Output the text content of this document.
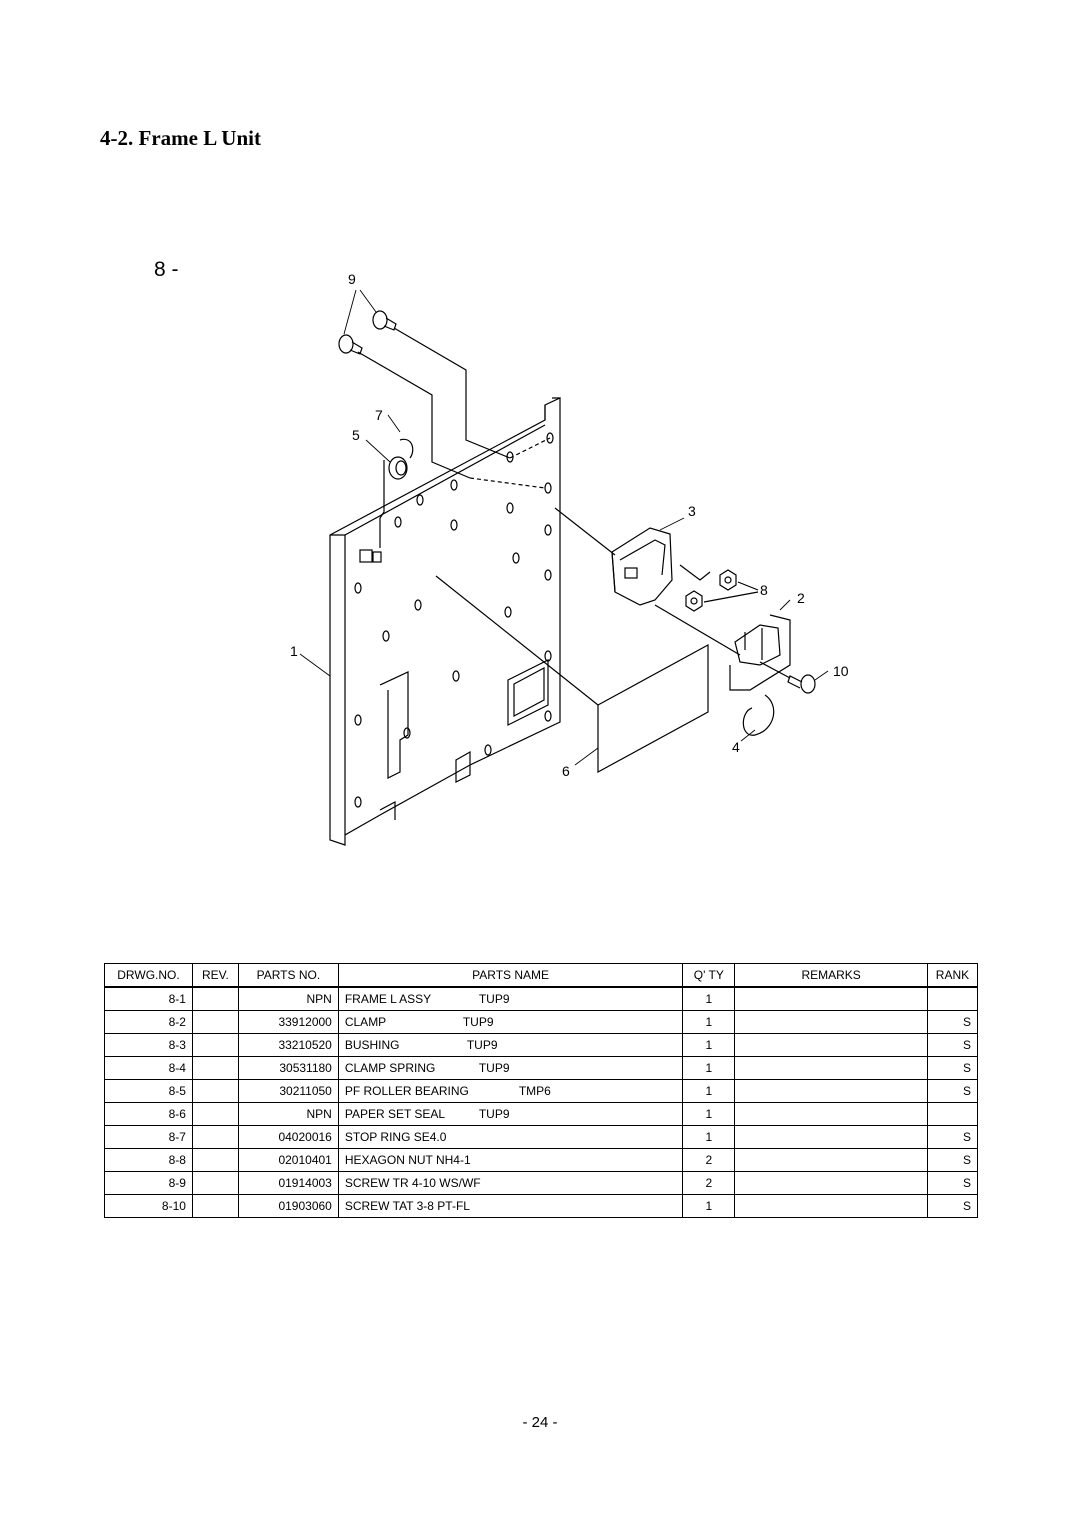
4-2. Frame L Unit
8 -	9
7
5
3
8 2
1
10
4
6
DRWG.NO.	REV.	PARTS NO.	PARTS NAME	Q' TY	REMARKS	RANK
8-1		NPN	FRAME L ASSY TUP9	1		
8-2		33912000	CLAMP TUP9	1		S
8-3		33210520	BUSHING TUP9	1		S
8-4		30531180	CLAMP SPRING TUP9	1		S
8-5		30211050	PF ROLLER BEARING TMP6	1		S
8-6		NPN	PAPER SET SEAL TUP9	1		
8-7		04020016	STOP RING SE4.0	1		S
8-8		02010401	HEXAGON NUT NH4-1	2		S
8-9		01914003	SCREW TR 4-10 WS/WF	2		S
8-10		01903060	SCREW TAT 3-8 PT-FL	1		S
- 24 -
